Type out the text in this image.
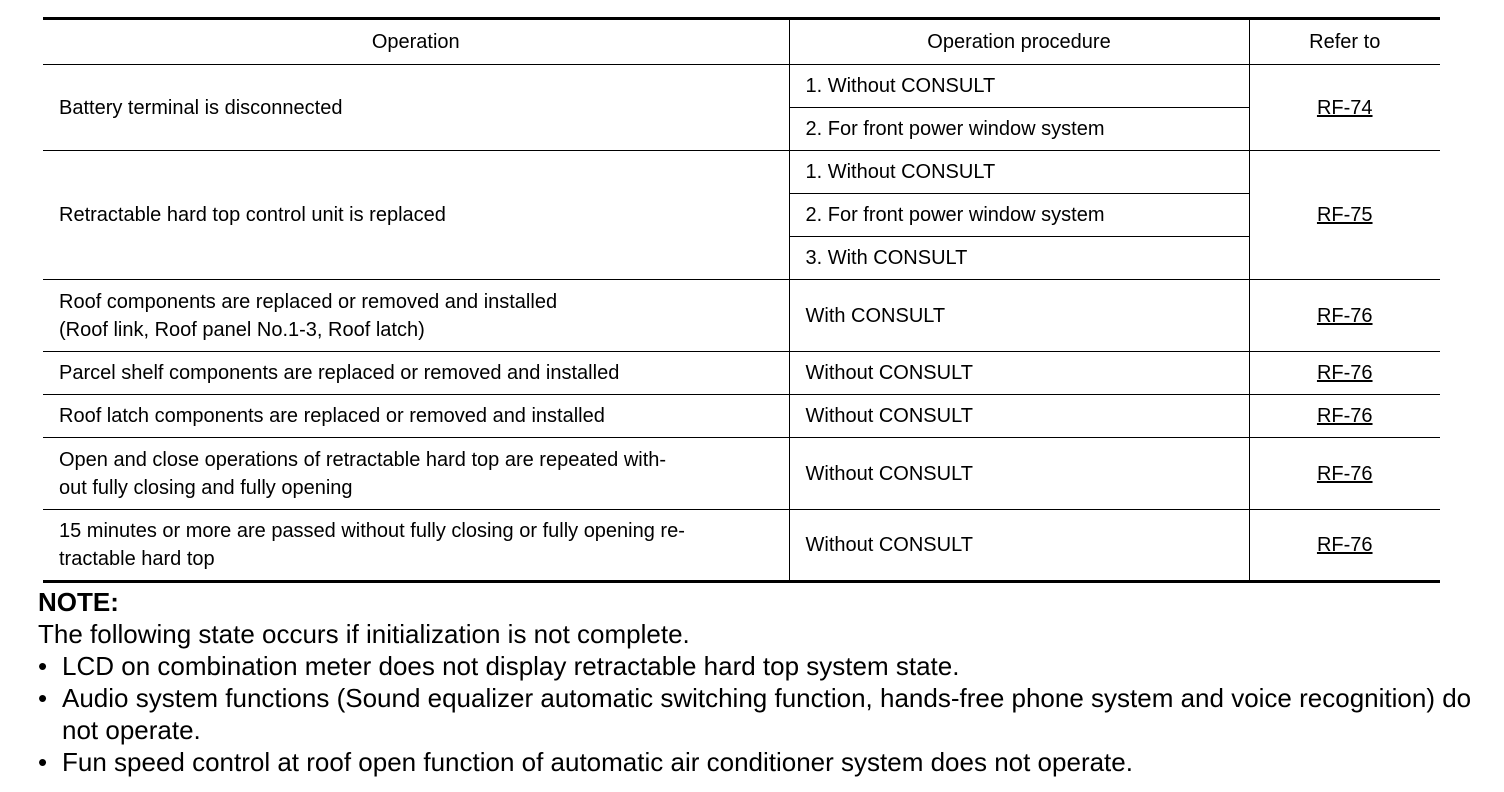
Operation	Operation procedure	Refer to
Battery terminal is disconnected	1. Without CONSULT	RF-74
	2. For front power window system	
Retractable hard top control unit is replaced	1. Without CONSULT	RF-75
	2. For front power window system	
	3. With CONSULT	

Roof components are replaced or removed and installed
(Roof link, Roof panel No.1-3, Roof latch)	With CONSULT	RF-76
Parcel shelf components are replaced or removed and installed	Without CONSULT	RF-76
Roof latch components are replaced or removed and installed	Without CONSULT	RF-76

Open and close operations of retractable hard top are repeated with-
out fully closing and fully opening	Without CONSULT	RF-76

15 minutes or more are passed without fully closing or fully opening re-
tractable hard top	Without CONSULT	RF-76
NOTE:
The following state occurs if initialization is not complete.
• LCD on combination meter does not display retractable hard top system state.
• Audio system functions (Sound equalizer automatic switching function, hands-free phone system and voice recognition) do not operate.
• Fun speed control at roof open function of automatic air conditioner system does not operate.
